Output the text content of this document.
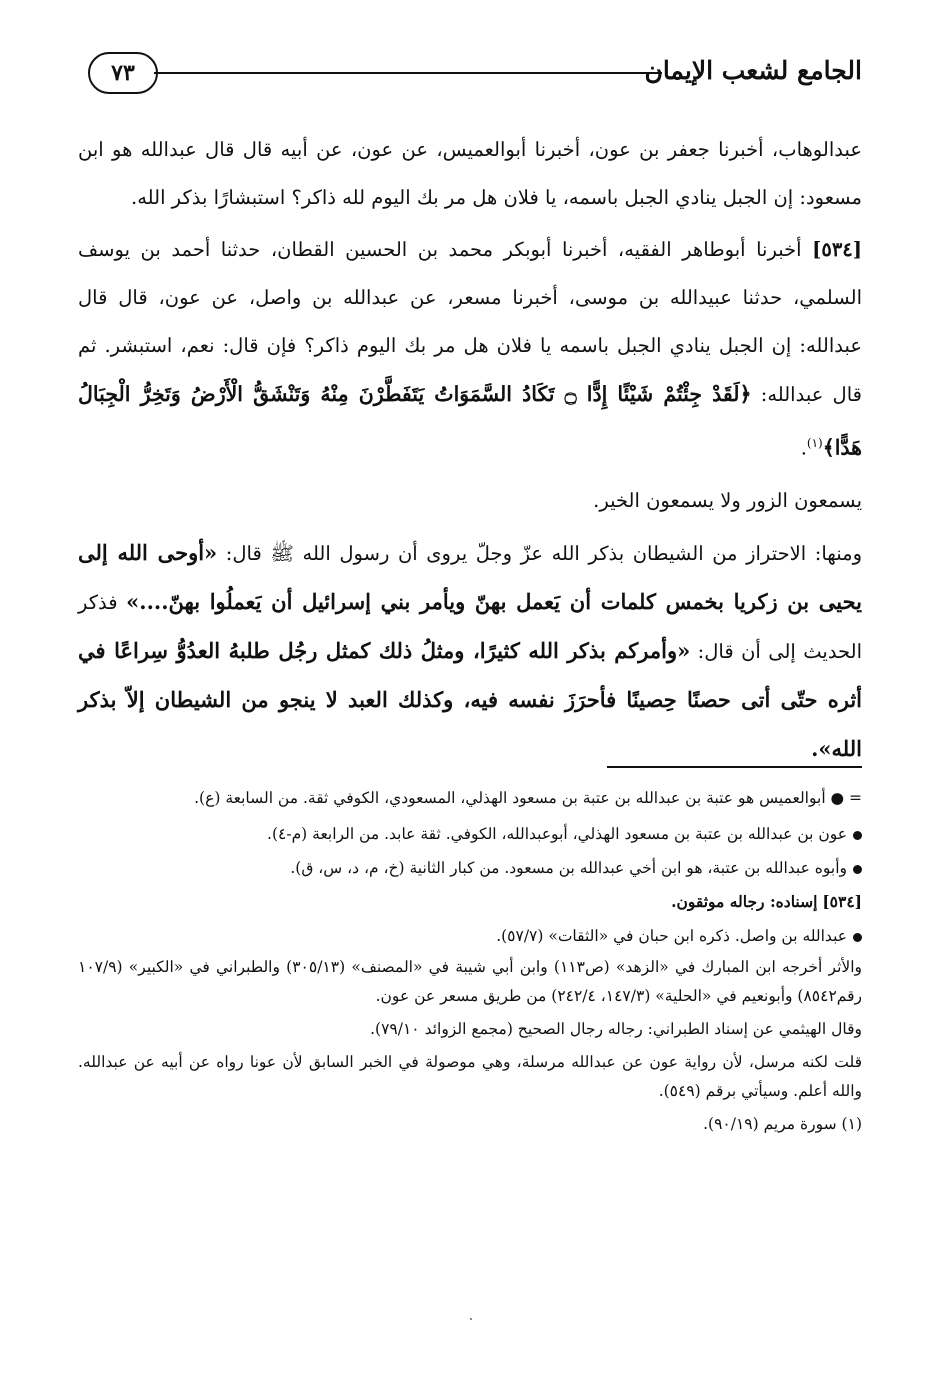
الجامع لشعب الإيمان
٧٣

عبدالوهاب، أخبرنا جعفر بن عون، أخبرنا أبوالعميس، عن عون، عن أبيه قال قال عبدالله هو ابن مسعود: إن الجبل ينادي الجبل باسمه، يا فلان هل مر بك اليوم لله ذاكر؟ استبشارًا بذكر الله.

[٥٣٤] أخبرنا أبوطاهر الفقيه، أخبرنا أبوبكر محمد بن الحسين القطان، حدثنا أحمد بن يوسف السلمي، حدثنا عبيدالله بن موسى، أخبرنا مسعر، عن عبدالله بن واصل، عن عون، قال قال عبدالله: إن الجبل ينادي الجبل باسمه يا فلان هل مر بك اليوم ذاكر؟ فإن قال: نعم، استبشر. ثم قال عبدالله: ﴿لَقَدْ جِئْتُمْ شَيْئًا إِدًّا ۝ تَكَادُ السَّمَوَاتُ يَتَفَطَّرْنَ مِنْهُ وَتَنْشَقُّ الْأَرْضُ وَتَخِرُّ الْجِبَالُ هَدًّا﴾$^{(١)}$.

يسمعون الزور ولا يسمعون الخير.

ومنها: الاحتراز من الشيطان بذكر الله عزّ وجلّ يروى أن رسول الله ﷺ قال: «أوحى الله إلى يحيى بن زكريا بخمس كلمات أن يَعمل بهنّ ويأمر بني إسرائيل أن يَعملُوا بهنّ....» فذكر الحديث إلى أن قال: «وأمركم بذكر الله كثيرًا، ومثلُ ذلك كمثل رجُل طلبهُ العدُوُّ سِراعًا في أثره حتّى أتى حصنًا حِصينًا فأحرَزَ نفسه فيه، وكذلك العبد لا ينجو من الشيطان إلاّ بذكر الله».

= ● أبوالعميس هو عتبة بن عبدالله بن عتبة بن مسعود الهذلي، المسعودي، الكوفي ثقة. من السابعة (ع).

عون بن عبدالله بن عتبة بن مسعود الهذلي، أبوعبدالله، الكوفي. ثقة عابد. من الرابعة (م-٤).

وأبوه عبدالله بن عتبة، هو ابن أخي عبدالله بن مسعود. من كبار الثانية (خ، م، د، س، ق).

[٥٣٤] إسناده: رجاله موثقون.

عبدالله بن واصل. ذكره ابن حبان في «الثقات» (٥٧/٧).

والأثر أخرجه ابن المبارك في «الزهد» (ص١١٣) وابن أبي شيبة في «المصنف» (٣٠٥/١٣) والطبراني في «الكبير» (١٠٧/٩ رقم٨٥٤٢) وأبونعيم في «الحلية» (١٤٧/٣، ٢٤٢/٤) من طريق مسعر عن عون.

وقال الهيثمي عن إسناد الطبراني: رجاله رجال الصحيح (مجمع الزوائد ٧٩/١٠).

قلت لكنه مرسل، لأن رواية عون عن عبدالله مرسلة، وهي موصولة في الخبر السابق لأن عونا رواه عن أبيه عن عبدالله. والله أعلم. وسيأتي برقم (٥٤٩).

(١) سورة مريم (٩٠/١٩).
